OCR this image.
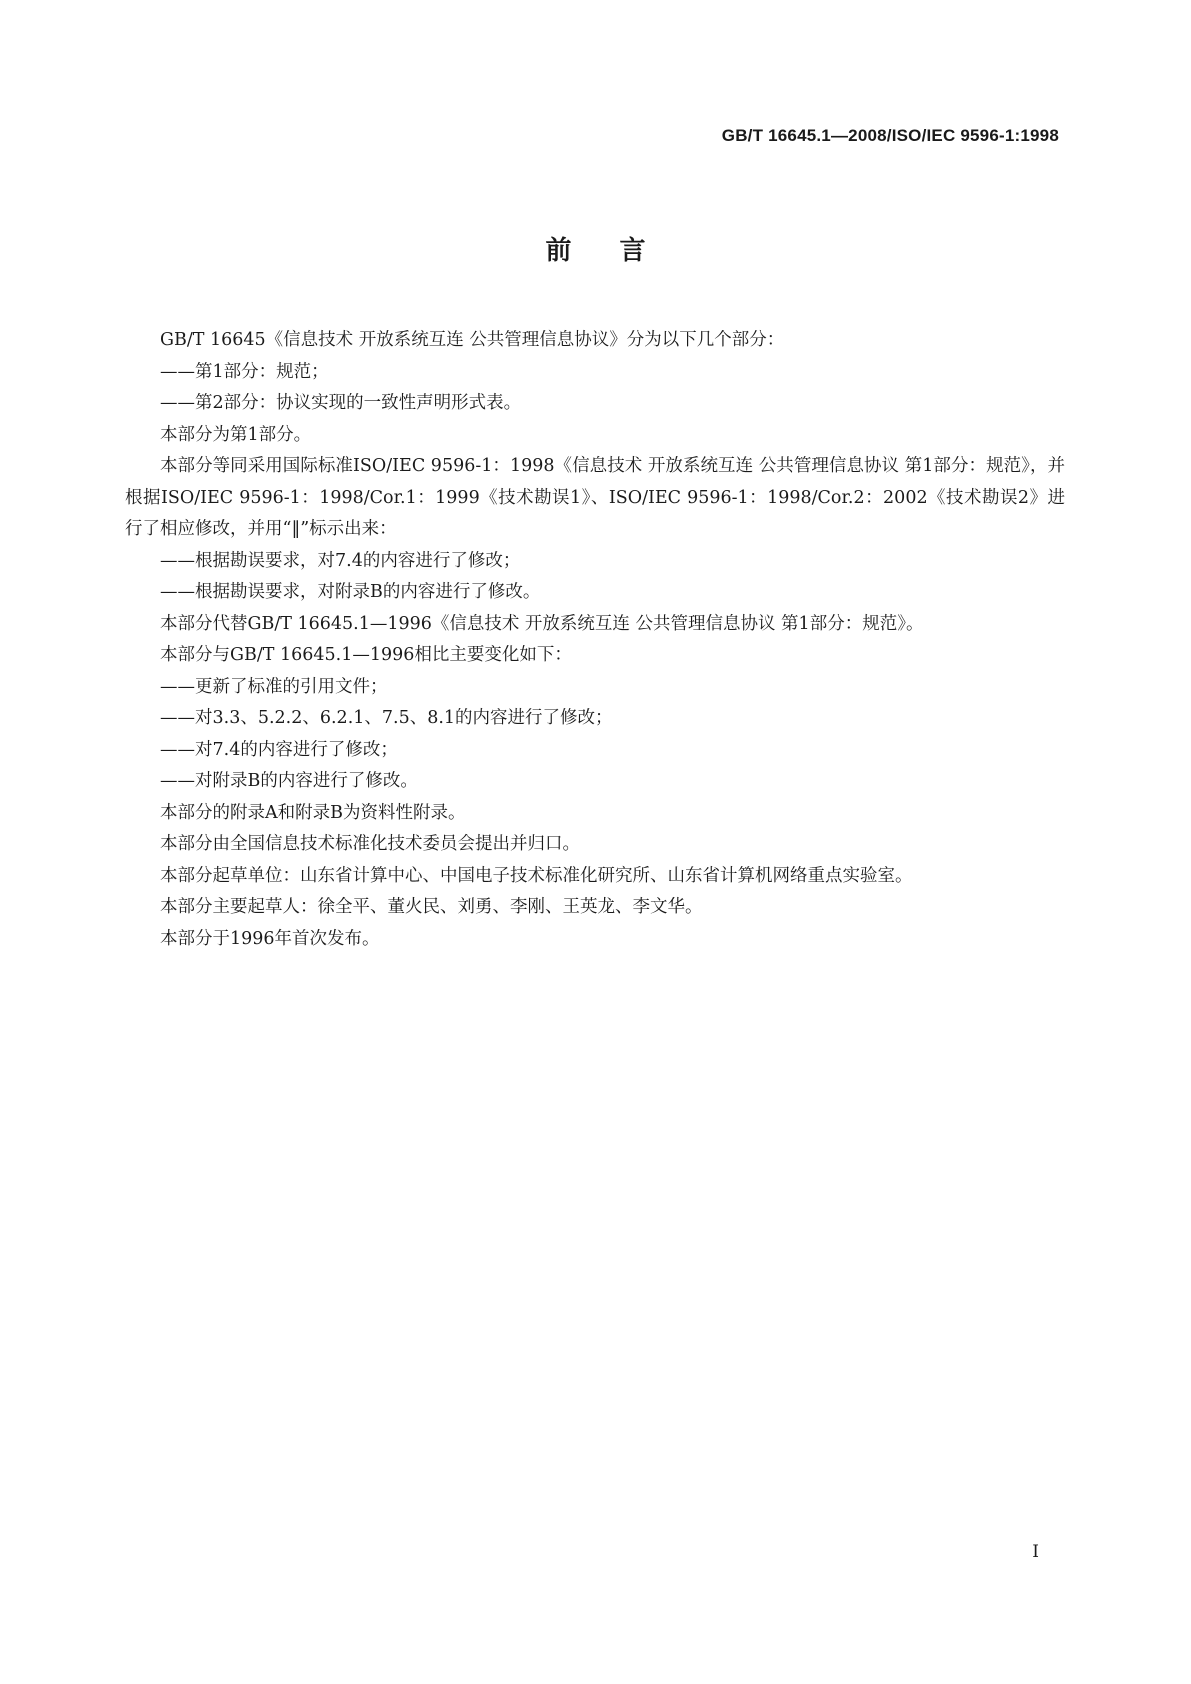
GB/T 16645.1—2008/ISO/IEC 9596-1:1998
前言

GB/T 16645《信息技术 开放系统互连 公共管理信息协议》分为以下几个部分：

——第1部分：规范；

——第2部分：协议实现的一致性声明形式表。

本部分为第1部分。

本部分等同采用国际标准ISO/IEC 9596-1：1998《信息技术 开放系统互连 公共管理信息协议 第1部分：规范》，并根据ISO/IEC 9596-1：1998/Cor.1：1999《技术勘误1》、ISO/IEC 9596-1：1998/Cor.2：2002《技术勘误2》进行了相应修改，并用“‖”标示出来：

——根据勘误要求，对7.4的内容进行了修改；

——根据勘误要求，对附录B的内容进行了修改。

本部分代替GB/T 16645.1—1996《信息技术 开放系统互连 公共管理信息协议 第1部分：规范》。

本部分与GB/T 16645.1—1996相比主要变化如下：

——更新了标准的引用文件；

——对3.3、5.2.2、6.2.1、7.5、8.1的内容进行了修改；

——对7.4的内容进行了修改；

——对附录B的内容进行了修改。

本部分的附录A和附录B为资料性附录。

本部分由全国信息技术标准化技术委员会提出并归口。

本部分起草单位：山东省计算中心、中国电子技术标准化研究所、山东省计算机网络重点实验室。

本部分主要起草人：徐全平、董火民、刘勇、李刚、王英龙、李文华。

本部分于1996年首次发布。

I
